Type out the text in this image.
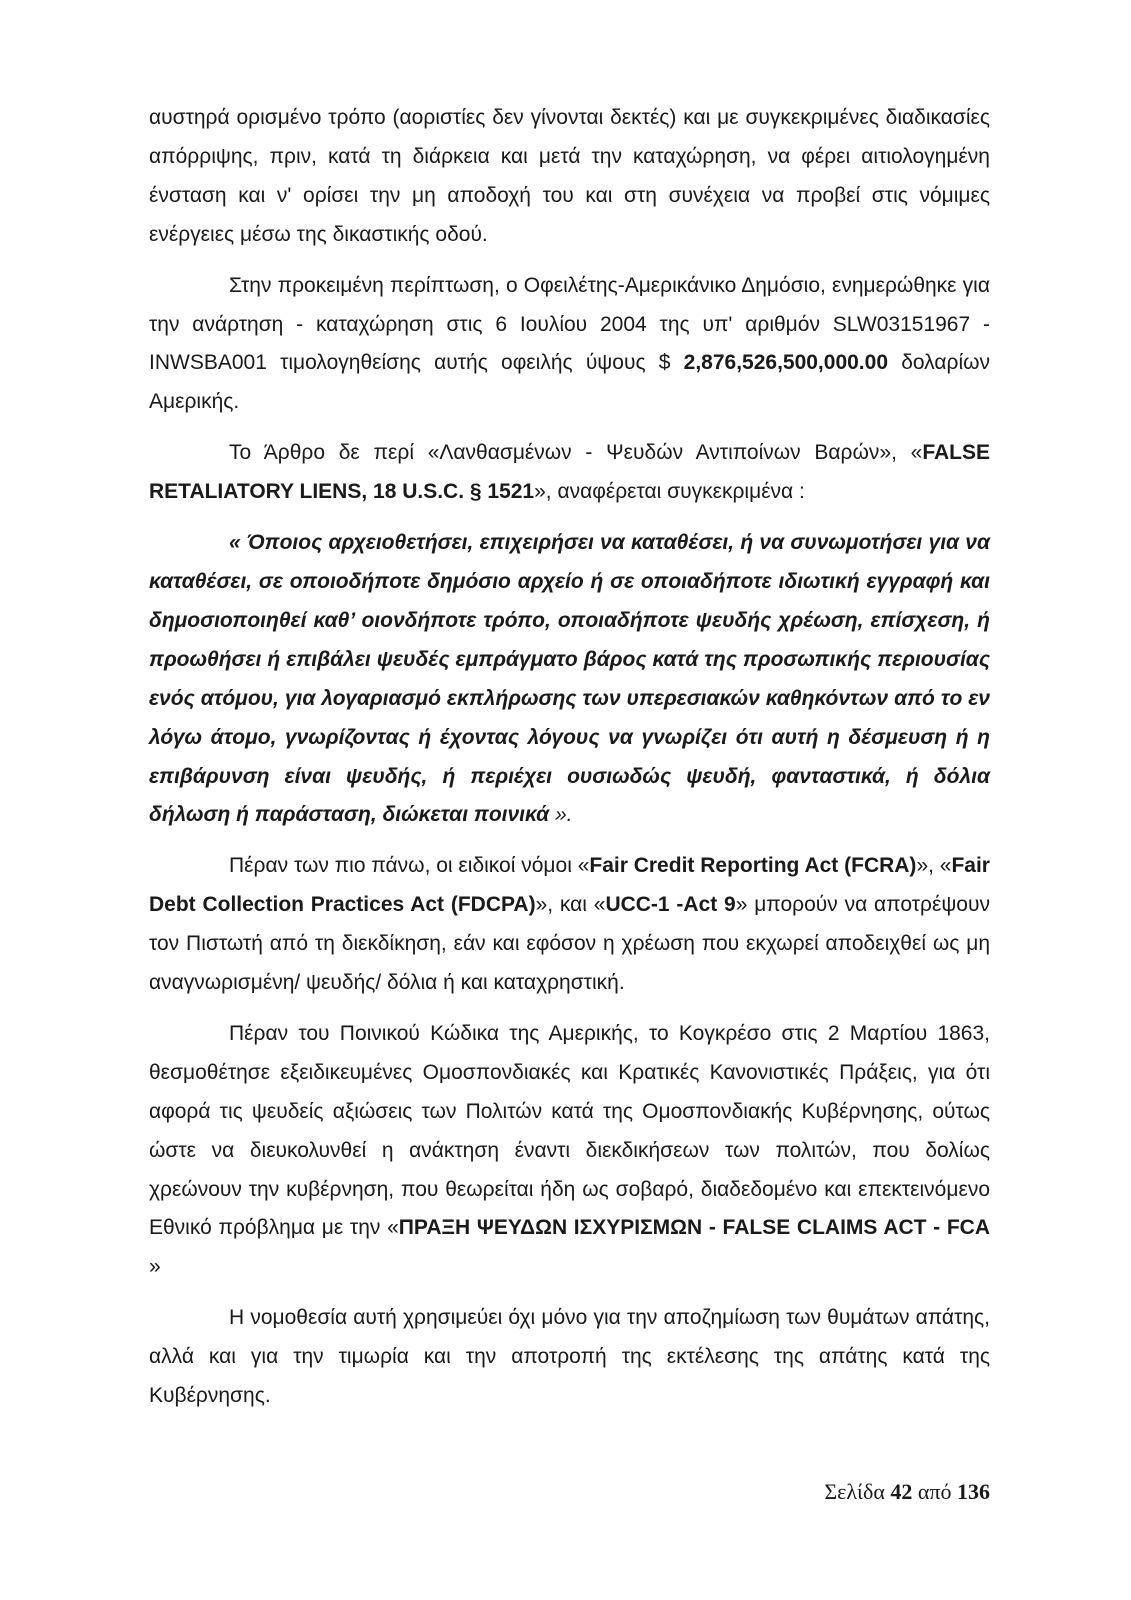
αυστηρά ορισμένο τρόπο (αοριστίες δεν γίνονται δεκτές) και με συγκεκριμένες διαδικασίες απόρριψης, πριν, κατά τη διάρκεια και μετά την καταχώρηση, να φέρει αιτιολογημένη ένσταση και ν' ορίσει την μη αποδοχή του και στη συνέχεια να προβεί στις νόμιμες ενέργειες μέσω της δικαστικής οδού.

Στην προκειμένη περίπτωση, ο Οφειλέτης-Αμερικάνικο Δημόσιο, ενημερώθηκε για την ανάρτηση - καταχώρηση στις 6 Ιουλίου 2004 της υπ' αριθμόν SLW03151967 - INWSBA001 τιμολογηθείσης αυτής οφειλής ύψους $ 2,876,526,500,000.00 δολαρίων Αμερικής.

Το Άρθρο δε περί «Λανθασμένων - Ψευδών Αντιποίνων Βαρών», «FALSE RETALIATORY LIENS, 18 U.S.C. § 1521», αναφέρεται συγκεκριμένα :

« Όποιος αρχειοθετήσει, επιχειρήσει να καταθέσει, ή να συνωμοτήσει για να καταθέσει, σε οποιοδήποτε δημόσιο αρχείο ή σε οποιαδήποτε ιδιωτική εγγραφή και δημοσιοποιηθεί καθ’ οιονδήποτε τρόπο, οποιαδήποτε ψευδής χρέωση, επίσχεση, ή προωθήσει ή επιβάλει ψευδές εμπράγματο βάρος κατά της προσωπικής περιουσίας ενός ατόμου, για λογαριασμό εκπλήρωσης των υπερεσιακών καθηκόντων από το εν λόγω άτομο, γνωρίζοντας ή έχοντας λόγους να γνωρίζει ότι αυτή η δέσμευση ή η επιβάρυνση είναι ψευδής, ή περιέχει ουσιωδώς ψευδή, φανταστικά, ή δόλια δήλωση ή παράσταση, διώκεται ποινικά ».

Πέραν των πιο πάνω, οι ειδικοί νόμοι «Fair Credit Reporting Act (FCRA)», «Fair Debt Collection Practices Act (FDCPA)», και «UCC-1 -Act 9» μπορούν να αποτρέψουν τον Πιστωτή από τη διεκδίκηση, εάν και εφόσον η χρέωση που εκχωρεί αποδειχθεί ως μη αναγνωρισμένη/ ψευδής/ δόλια ή και καταχρηστική.

Πέραν του Ποινικού Κώδικα της Αμερικής, το Κογκρέσο στις 2 Μαρτίου 1863, θεσμοθέτησε εξειδικευμένες Ομοσπονδιακές και Κρατικές Κανονιστικές Πράξεις, για ότι αφορά τις ψευδείς αξιώσεις των Πολιτών κατά της Ομοσπονδιακής Κυβέρνησης, ούτως ώστε να διευκολυνθεί η ανάκτηση έναντι διεκδικήσεων των πολιτών, που δολίως χρεώνουν την κυβέρνηση, που θεωρείται ήδη ως σοβαρό, διαδεδομένο και επεκτεινόμενο Εθνικό πρόβλημα με την «ΠΡΑΞΗ ΨΕΥΔΩΝ ΙΣΧΥΡΙΣΜΩΝ - FALSE CLAIMS ACT - FCA »

Η νομοθεσία αυτή χρησιμεύει όχι μόνο για την αποζημίωση των θυμάτων απάτης, αλλά και για την τιμωρία και την αποτροπή της εκτέλεσης της απάτης κατά της Κυβέρνησης.

Σελίδα 42 από 136
